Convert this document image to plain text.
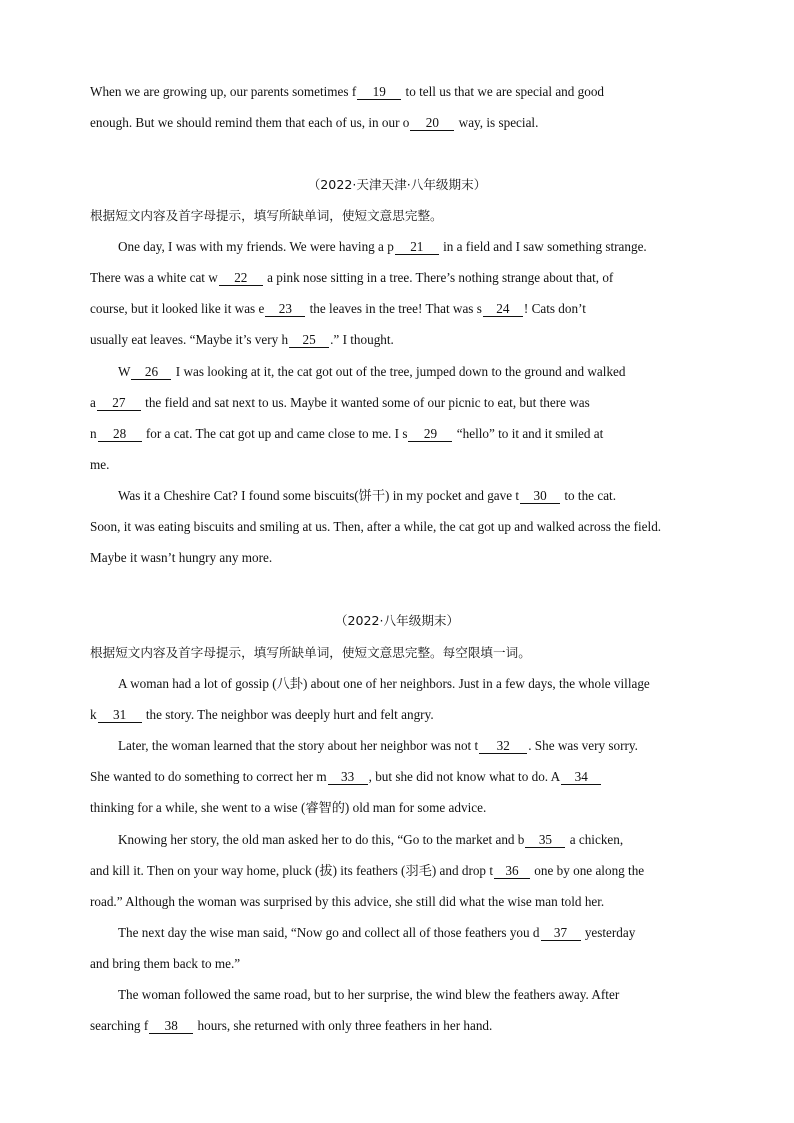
When we are growing up, our parents sometimes f 19 to tell us that we are special and good
enough. But we should remind them that each of us, in our o 20 way, is special.
（2022·天津天津·八年级期末）
根据短文内容及首字母提示，填写所缺单词，使短文意思完整。
One day, I was with my friends. We were having a p 21 in a field and I saw something strange.
There was a white cat w 22 a pink nose sitting in a tree. There’s nothing strange about that, of
course, but it looked like it was e 23 the leaves in the tree! That was s 24 ! Cats don’t
usually eat leaves. “Maybe it’s very h 25 .” I thought.
W 26 I was looking at it, the cat got out of the tree, jumped down to the ground and walked
a 27 the field and sat next to us. Maybe it wanted some of our picnic to eat, but there was
n 28 for a cat. The cat got up and came close to me. I s 29 “hello” to it and it smiled at
me.
Was it a Cheshire Cat? I found some biscuits(饼干) in my pocket and gave t 30 to the cat.
Soon, it was eating biscuits and smiling at us. Then, after a while, the cat got up and walked across the field.
Maybe it wasn’t hungry any more.
（2022·八年级期末）
根据短文内容及首字母提示，填写所缺单词，使短文意思完整。每空限填一词。
A woman had a lot of gossip (八卦) about one of her neighbors. Just in a few days, the whole village
k 31 the story. The neighbor was deeply hurt and felt angry.
Later, the woman learned that the story about her neighbor was not t 32 . She was very sorry.
She wanted to do something to correct her m 33 , but she did not know what to do. A 34
thinking for a while, she went to a wise (睿智的) old man for some advice.
Knowing her story, the old man asked her to do this, “Go to the market and b 35 a chicken,
and kill it. Then on your way home, pluck (拔) its feathers (羽毛) and drop t 36 one by one along the
road.” Although the woman was surprised by this advice, she still did what the wise man told her.
The next day the wise man said, “Now go and collect all of those feathers you d 37 yesterday
and bring them back to me.”
The woman followed the same road, but to her surprise, the wind blew the feathers away. After
searching f 38 hours, she returned with only three feathers in her hand.
